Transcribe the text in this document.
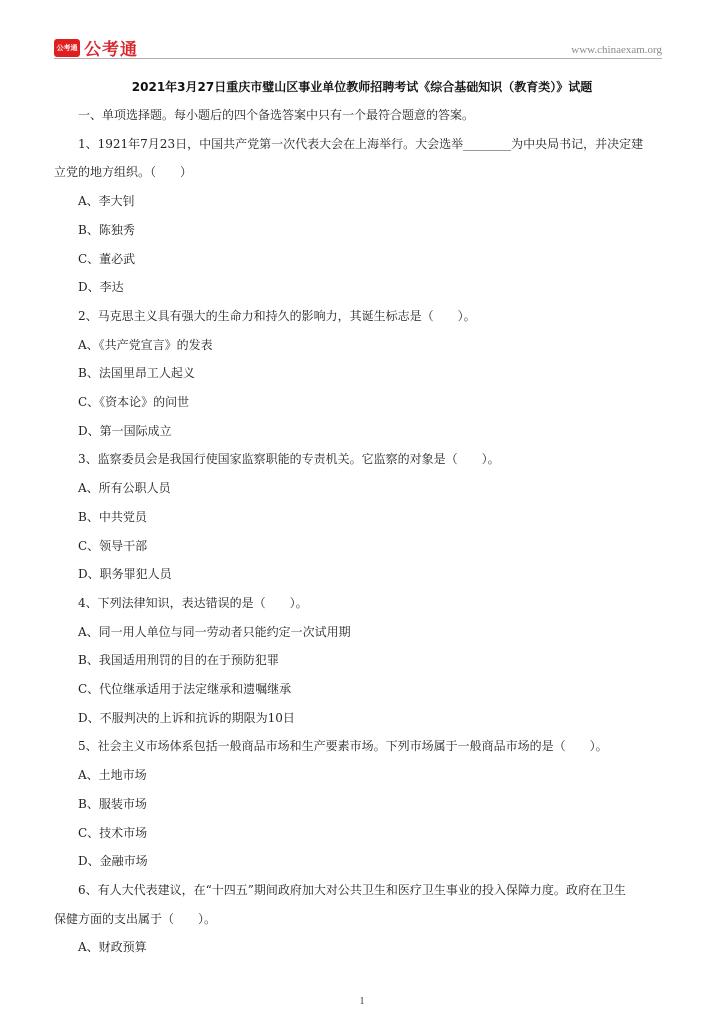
公考通 公考通	www.chinaexam.org

2021年3月27日重庆市璧山区事业单位教师招聘考试《综合基础知识（教育类）》试题

一、单项选择题。每小题后的四个备选答案中只有一个最符合题意的答案。

1、1921年7月23日，中国共产党第一次代表大会在上海举行。大会选举________为中央局书记，并决定建

立党的地方组织。（　　）

A、李大钊

B、陈独秀

C、董必武

D、李达

2、马克思主义具有强大的生命力和持久的影响力，其诞生标志是（　　）。

A、《共产党宣言》的发表

B、法国里昂工人起义

C、《资本论》的问世

D、第一国际成立

3、监察委员会是我国行使国家监察职能的专责机关。它监察的对象是（　　）。

A、所有公职人员

B、中共党员

C、领导干部

D、职务罪犯人员

4、下列法律知识，表达错误的是（　　）。

A、同一用人单位与同一劳动者只能约定一次试用期

B、我国适用刑罚的目的在于预防犯罪

C、代位继承适用于法定继承和遗嘱继承

D、不服判决的上诉和抗诉的期限为10日

5、社会主义市场体系包括一般商品市场和生产要素市场。下列市场属于一般商品市场的是（　　）。

A、土地市场

B、服装市场

C、技术市场

D、金融市场

6、有人大代表建议，在“十四五”期间政府加大对公共卫生和医疗卫生事业的投入保障力度。政府在卫生

保健方面的支出属于（　　）。

A、财政预算

1
